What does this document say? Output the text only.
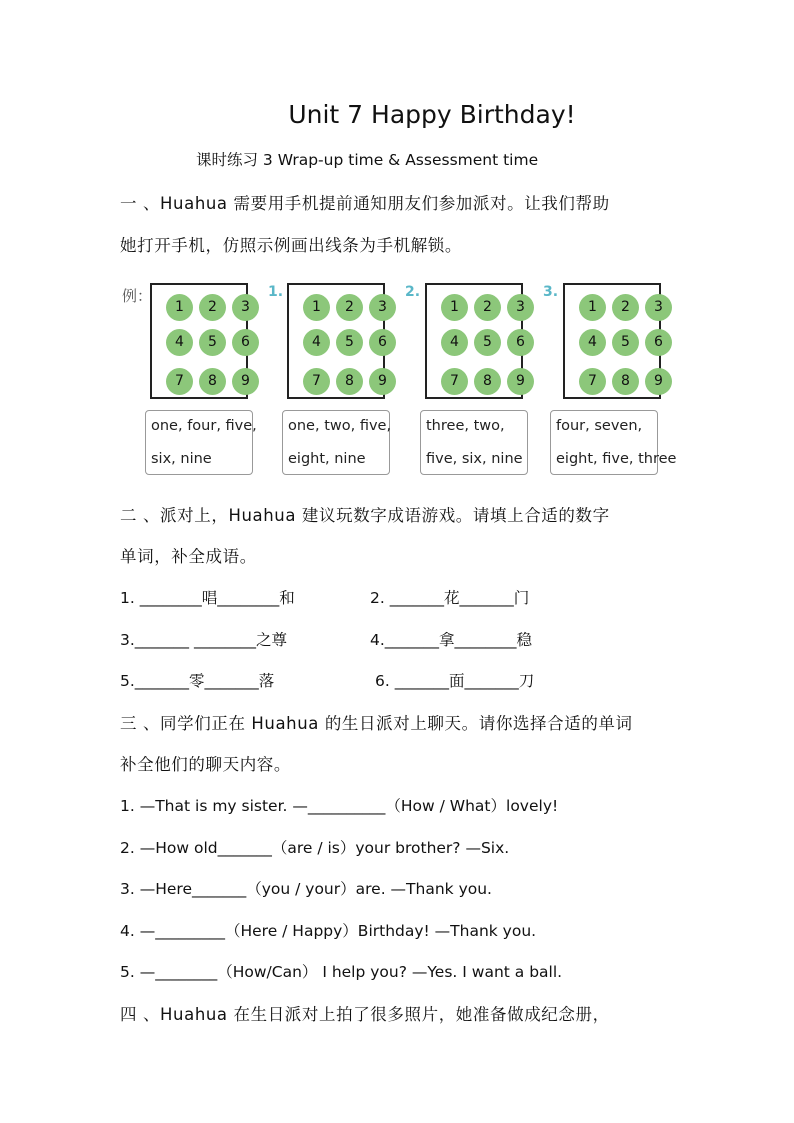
Unit 7 Happy Birthday!
课时练习 3 Wrap-up time & Assessment time
一 、Huahua 需要用手机提前通知朋友们参加派对。让我们帮助
她打开手机，仿照示例画出线条为手机解锁。
例：
1	2	3
4	5	6
7	8	9
one, four, five,
six, nine
1.
1	2	3
4	5	6
7	8	9
one, two, five,
eight, nine
2.
1	2	3
4	5	6
7	8	9
three, two,
five, six, nine
3.
1	2	3
4	5	6
7	8	9
four, seven,
eight, five, three
二 、派对上，Huahua 建议玩数字成语游戏。请填上合适的数字
单词，补全成语。
1. ________唱________和	2. _______花_______门
3._______ ________之尊	4._______拿________稳
5._______零_______落	6. _______面_______刀
三 、同学们正在 Huahua 的生日派对上聊天。请你选择合适的单词
补全他们的聊天内容。
1. —That is my sister. —__________（How / What）lovely!
2. —How old_______（are / is）your brother? —Six.
3. —Here_______（you / your）are. —Thank you.
4. —_________（Here / Happy）Birthday! —Thank you.
5. —________（How/Can） I help you? —Yes. I want a ball.
四 、Huahua 在生日派对上拍了很多照片，她准备做成纪念册，
